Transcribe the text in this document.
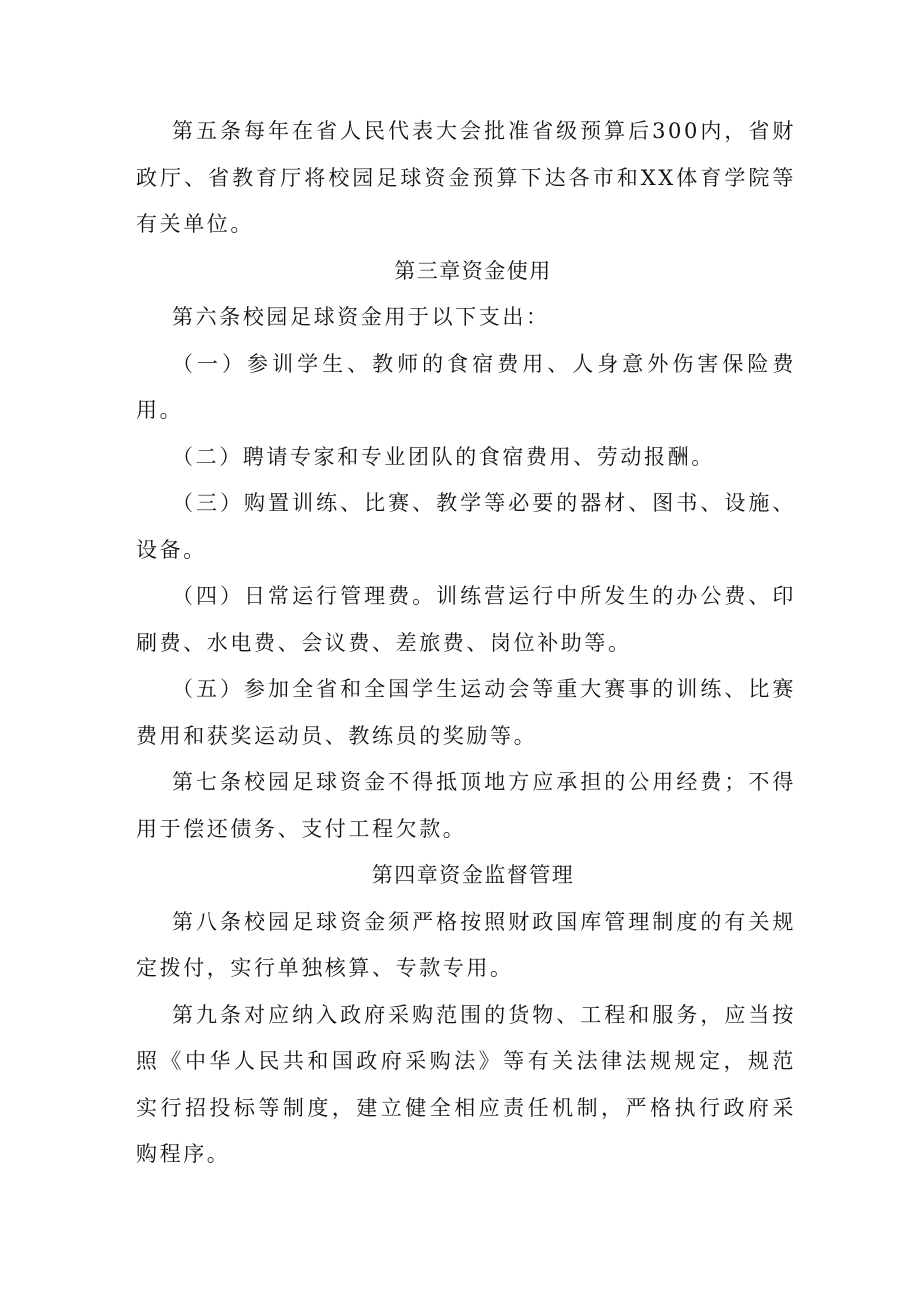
第五条每年在省人民代表大会批准省级预算后300内，省财政厅、省教育厅将校园足球资金预算下达各市和XX体育学院等有关单位。

第三章资金使用

第六条校园足球资金用于以下支出：

（一）参训学生、教师的食宿费用、人身意外伤害保险费用。

（二）聘请专家和专业团队的食宿费用、劳动报酬。

（三）购置训练、比赛、教学等必要的器材、图书、设施、设备。

（四）日常运行管理费。训练营运行中所发生的办公费、印刷费、水电费、会议费、差旅费、岗位补助等。

（五）参加全省和全国学生运动会等重大赛事的训练、比赛费用和获奖运动员、教练员的奖励等。

第七条校园足球资金不得抵顶地方应承担的公用经费；不得用于偿还债务、支付工程欠款。

第四章资金监督管理

第八条校园足球资金须严格按照财政国库管理制度的有关规定拨付，实行单独核算、专款专用。

第九条对应纳入政府采购范围的货物、工程和服务，应当按照《中华人民共和国政府采购法》等有关法律法规规定，规范实行招投标等制度，建立健全相应责任机制，严格执行政府采购程序。
